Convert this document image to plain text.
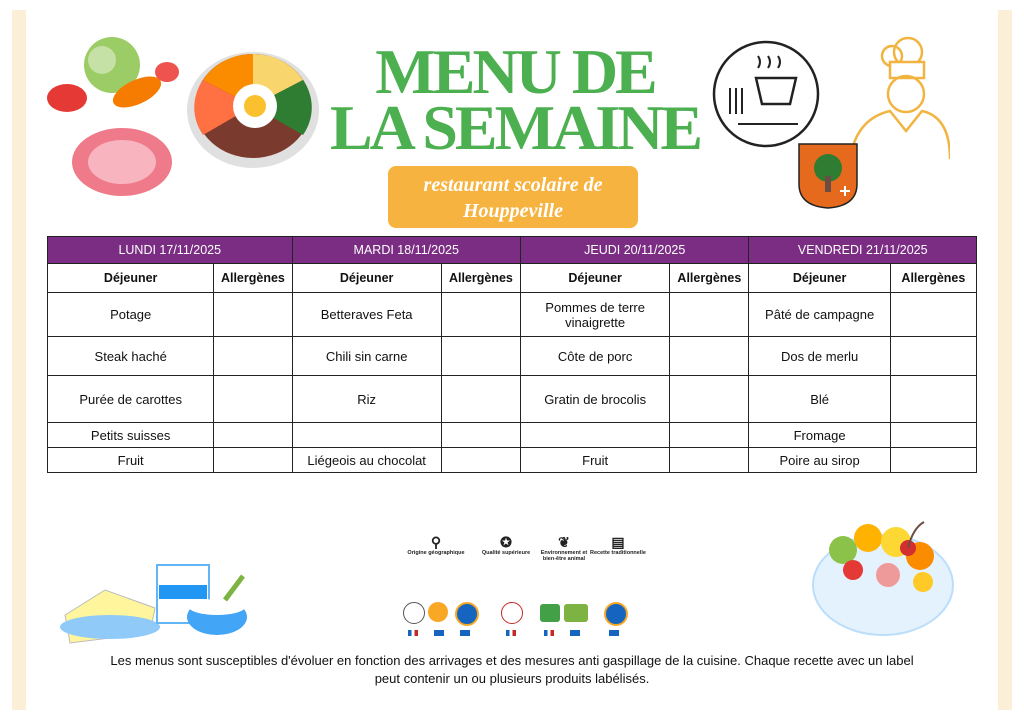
MENU DE
LA SEMAINE
restaurant scolaire de
Houppeville
LUNDI 17/11/2025		MARDI 18/11/2025		JEUDI 20/11/2025		VENDREDI 21/11/2025	
Déjeuner	Allergènes	Déjeuner	Allergènes	Déjeuner	Allergènes	Déjeuner	Allergènes
Potage		Betteraves Feta		Pommes de terre vinaigrette		Pâté de campagne	
Steak haché		Chili sin carne		Côte de porc		Dos de merlu	
Purée de carottes		Riz		Gratin de brocolis		Blé	
Petits suisses						Fromage	
Fruit		Liégeois au chocolat		Fruit		Poire au sirop	
⚲
Origine géographique
✪
Qualité supérieure
❦
Environnement et bien-être animal
▤
Recette traditionnelle
Les menus sont susceptibles d'évoluer en fonction des arrivages et des mesures anti gaspillage de la cuisine. Chaque recette avec un label
peut contenir un ou plusieurs produits labélisés.
